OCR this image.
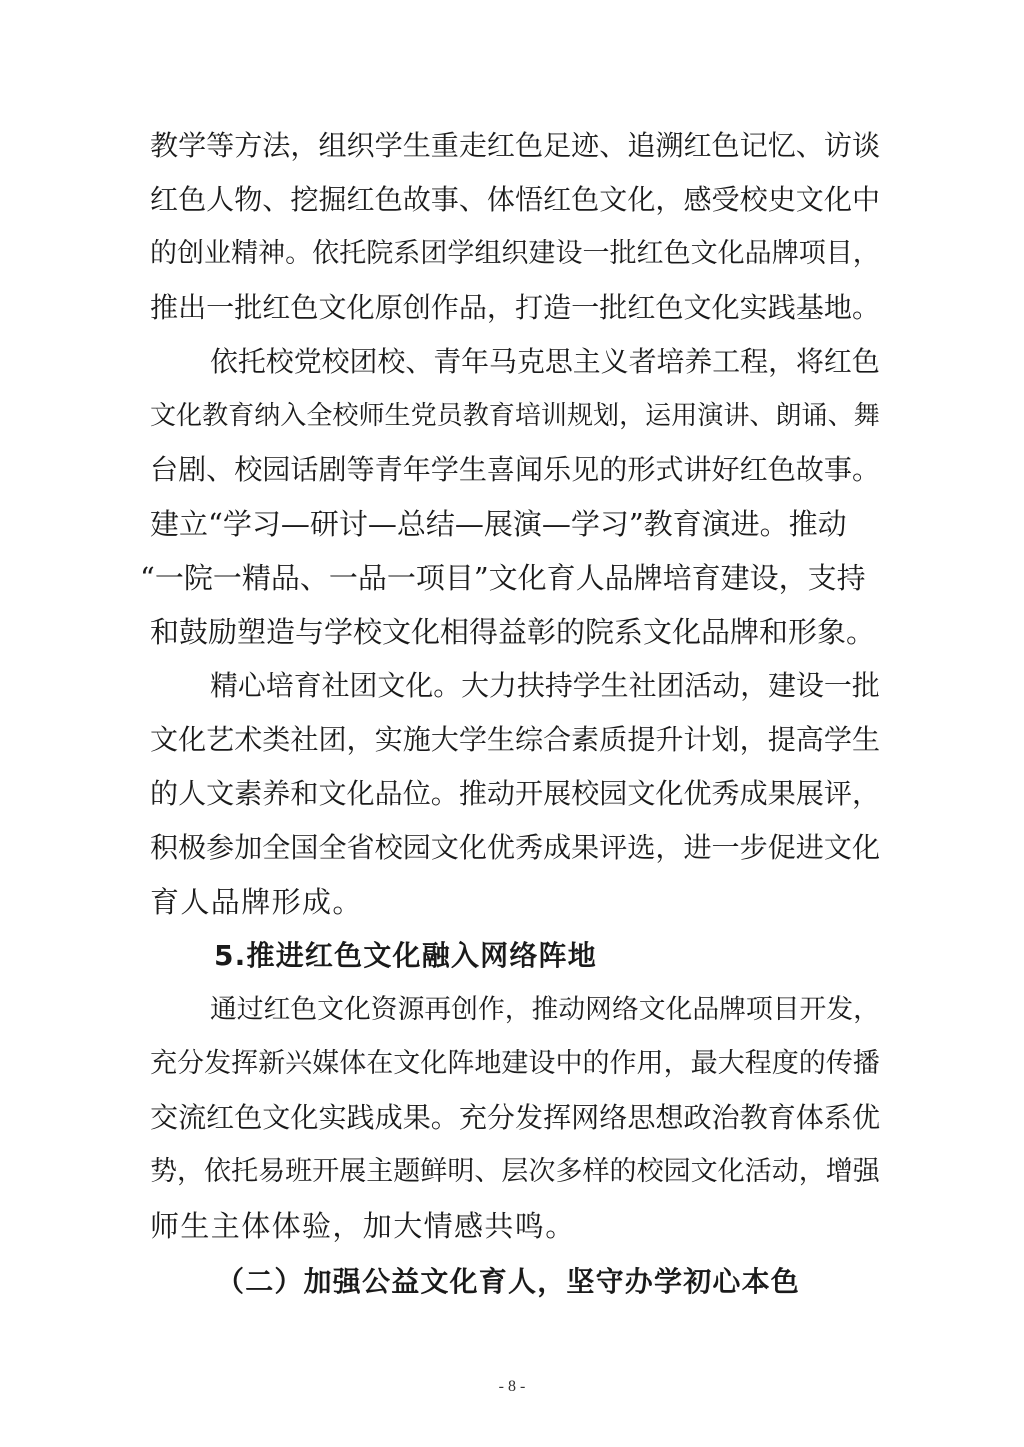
教学等方法，组织学生重走红色足迹、追溯红色记忆、访谈
红色人物、挖掘红色故事、体悟红色文化，感受校史文化中
的创业精神。依托院系团学组织建设一批红色文化品牌项目，
推出一批红色文化原创作品，打造一批红色文化实践基地。
依托校党校团校、青年马克思主义者培养工程，将红色
文化教育纳入全校师生党员教育培训规划，运用演讲、朗诵、舞
台剧、校园话剧等青年学生喜闻乐见的形式讲好红色故事。
建立“学习—研讨—总结—展演—学习”教育演进。推动
“一院一精品、一品一项目”文化育人品牌培育建设，支持
和鼓励塑造与学校文化相得益彰的院系文化品牌和形象。
精心培育社团文化。大力扶持学生社团活动，建设一批
文化艺术类社团，实施大学生综合素质提升计划，提高学生
的人文素养和文化品位。推动开展校园文化优秀成果展评，
积极参加全国全省校园文化优秀成果评选，进一步促进文化
育人品牌形成。
5.推进红色文化融入网络阵地
通过红色文化资源再创作，推动网络文化品牌项目开发，
充分发挥新兴媒体在文化阵地建设中的作用，最大程度的传播
交流红色文化实践成果。充分发挥网络思想政治教育体系优
势，依托易班开展主题鲜明、层次多样的校园文化活动，增强
师生主体体验，加大情感共鸣。
（二）加强公益文化育人，坚守办学初心本色
- 8 -
